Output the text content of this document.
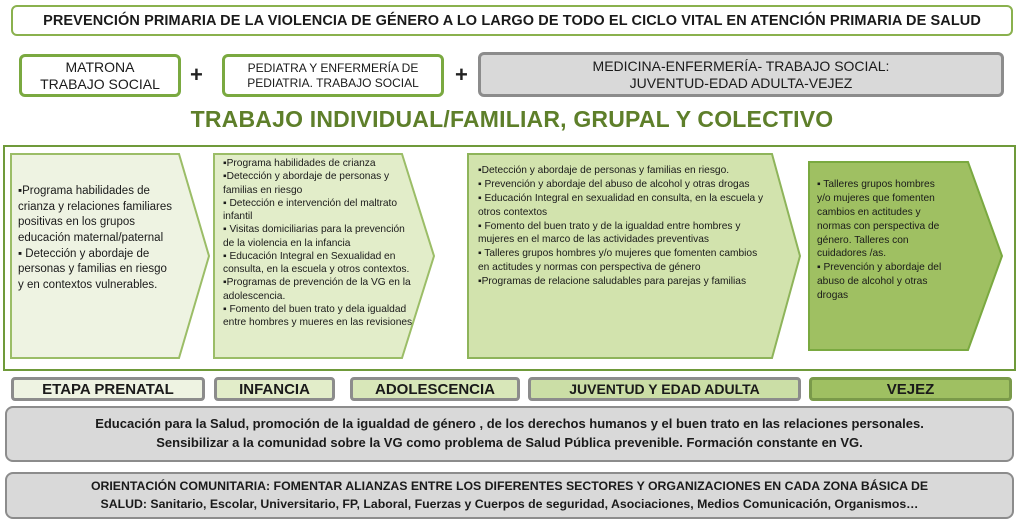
PREVENCIÓN PRIMARIA DE LA VIOLENCIA DE GÉNERO A LO LARGO DE TODO EL CICLO VITAL EN ATENCIÓN PRIMARIA DE SALUD
MATRONA
TRABAJO SOCIAL +	PEDIATRA Y ENFERMERÍA DE
PEDIATRIA. TRABAJO SOCIAL +	MEDICINA-ENFERMERÍA- TRABAJO SOCIAL:
JUVENTUD-EDAD ADULTA-VEJEZ
TRABAJO INDIVIDUAL/FAMILIAR, GRUPAL Y COLECTIVO

▪Programa habilidades de crianza y relaciones familiares positivas en los grupos educación maternal/paternal

▪ Detección y abordaje de personas y familias en riesgo y en contextos vulnerables.

▪Programa habilidades de crianza

▪Detección y abordaje de personas y familias en riesgo

▪ Detección e intervención del maltrato infantil

▪ Visitas domiciliarias para la prevención de la violencia en la infancia

▪ Educación Integral en Sexualidad en consulta, en la escuela y otros contextos.

▪Programas de prevención de la VG en la adolescencia.

▪ Fomento del buen trato y dela igualdad entre hombres y mueres en las revisiones

▪Detección y abordaje de personas y familias en riesgo.

▪ Prevención y abordaje del abuso de alcohol y otras drogas

▪ Educación Integral en sexualidad en consulta, en la escuela y otros contextos

▪ Fomento del buen trato y de la igualdad entre hombres y mujeres en el marco de las actividades preventivas

▪ Talleres grupos hombres y/o mujeres que fomenten cambios en actitudes y normas con perspectiva de género

▪Programas de relacione saludables para parejas y familias

▪ Talleres grupos hombres y/o mujeres que fomenten cambios en actitudes y normas con perspectiva de género. Talleres con cuidadores /as.

▪ Prevención y abordaje del abuso de alcohol y otras drogas

ETAPA PRENATAL	INFANCIA	ADOLESCENCIA	JUVENTUD Y EDAD ADULTA	VEJEZ
Educación para la Salud, promoción de la igualdad de género , de los derechos humanos y el buen trato en las relaciones personales.
Sensibilizar a la comunidad sobre la VG como problema de Salud Pública prevenible. Formación constante en VG.
ORIENTACIÓN COMUNITARIA: FOMENTAR ALIANZAS ENTRE LOS DIFERENTES SECTORES Y ORGANIZACIONES EN CADA ZONA BÁSICA DE
SALUD: Sanitario, Escolar, Universitario, FP, Laboral, Fuerzas y Cuerpos de seguridad, Asociaciones, Medios Comunicación, Organismos…
